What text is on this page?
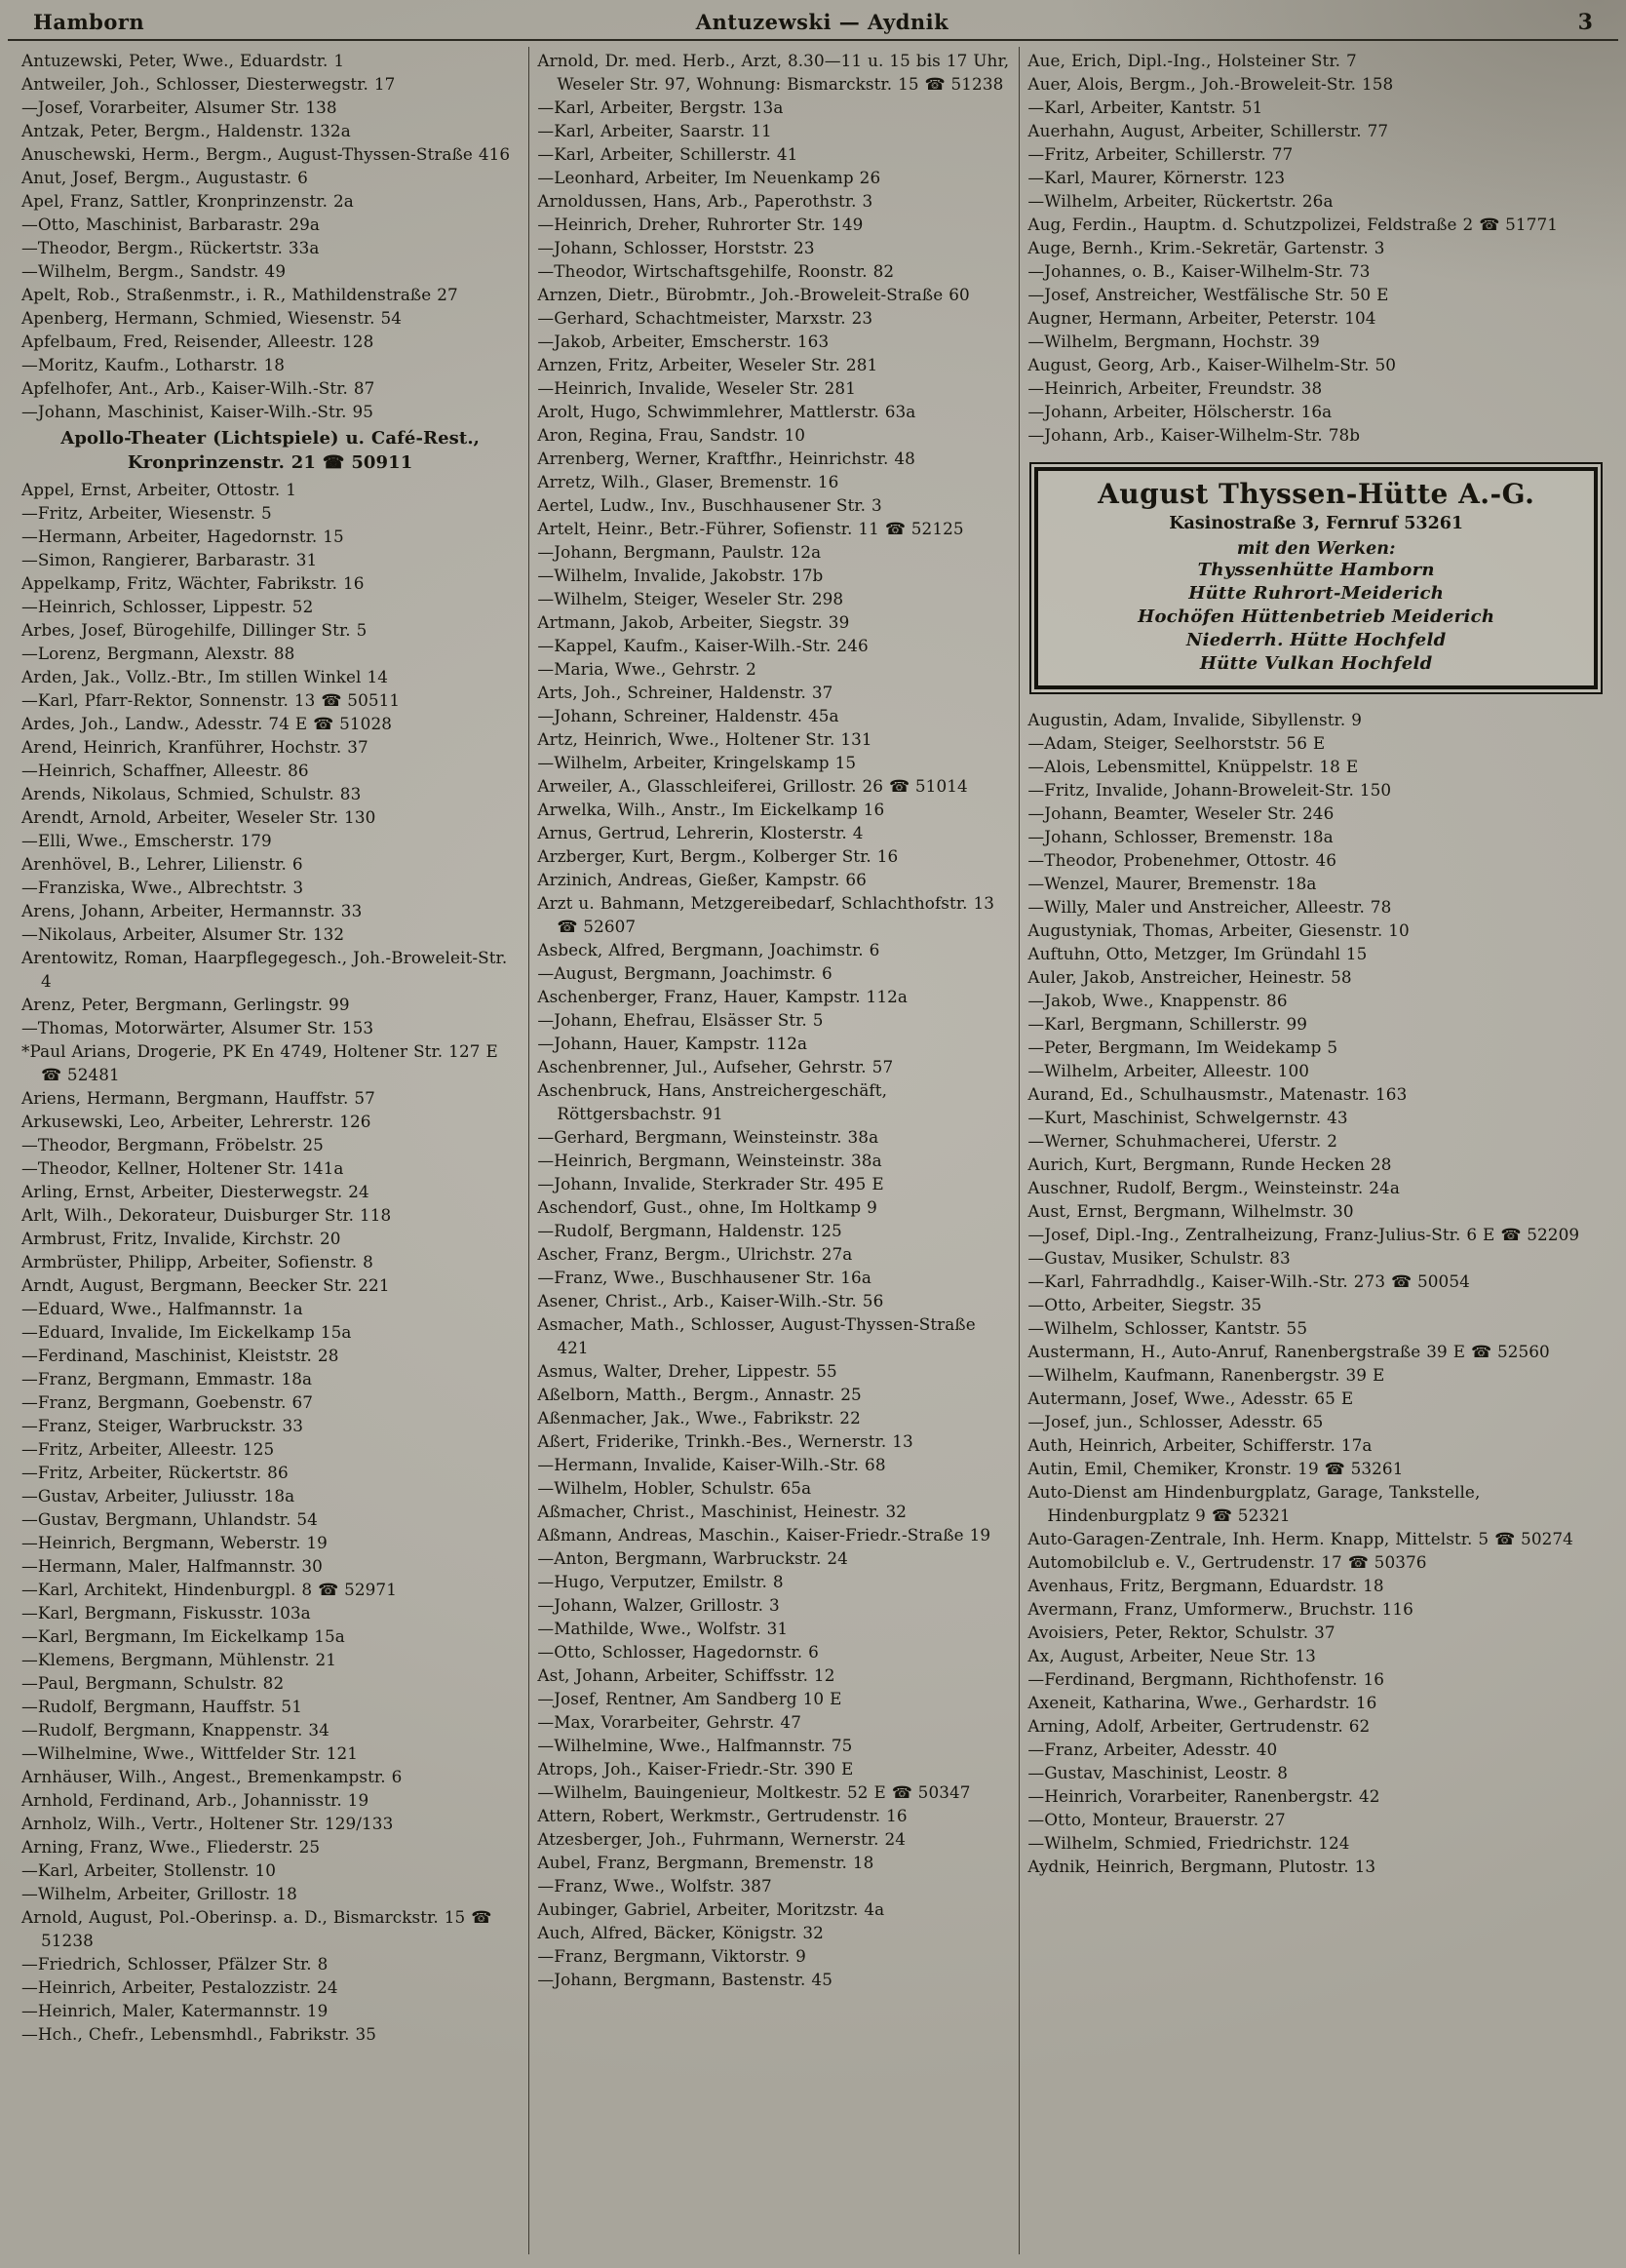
Hamborn	Antuzewski — Aydnik	3
Antuzewski, Peter, Wwe., Eduardstr. 1
Antweiler, Joh., Schlosser, Diesterwegstr. 17
—Josef, Vorarbeiter, Alsumer Str. 138
Antzak, Peter, Bergm., Haldenstr. 132a
Anuschewski, Herm., Bergm., August-Thyssen-Straße 416
Anut, Josef, Bergm., Augustastr. 6
Apel, Franz, Sattler, Kronprinzenstr. 2a
—Otto, Maschinist, Barbarastr. 29a
—Theodor, Bergm., Rückertstr. 33a
—Wilhelm, Bergm., Sandstr. 49
Apelt, Rob., Straßenmstr., i. R., Mathildenstraße 27
Apenberg, Hermann, Schmied, Wiesenstr. 54
Apfelbaum, Fred, Reisender, Alleestr. 128
—Moritz, Kaufm., Lotharstr. 18
Apfelhofer, Ant., Arb., Kaiser-Wilh.-Str. 87
—Johann, Maschinist, Kaiser-Wilh.-Str. 95
Apollo-Theater (Lichtspiele) u. Café-Rest., Kronprinzenstr. 21 ☎ 50911
Appel, Ernst, Arbeiter, Ottostr. 1
—Fritz, Arbeiter, Wiesenstr. 5
—Hermann, Arbeiter, Hagedornstr. 15
—Simon, Rangierer, Barbarastr. 31
Appelkamp, Fritz, Wächter, Fabrikstr. 16
—Heinrich, Schlosser, Lippestr. 52
Arbes, Josef, Bürogehilfe, Dillinger Str. 5
—Lorenz, Bergmann, Alexstr. 88
Arden, Jak., Vollz.-Btr., Im stillen Winkel 14
—Karl, Pfarr-Rektor, Sonnenstr. 13 ☎ 50511
Ardes, Joh., Landw., Adesstr. 74 E ☎ 51028
Arend, Heinrich, Kranführer, Hochstr. 37
—Heinrich, Schaffner, Alleestr. 86
Arends, Nikolaus, Schmied, Schulstr. 83
Arendt, Arnold, Arbeiter, Weseler Str. 130
—Elli, Wwe., Emscherstr. 179
Arenhövel, B., Lehrer, Lilienstr. 6
—Franziska, Wwe., Albrechtstr. 3
Arens, Johann, Arbeiter, Hermannstr. 33
—Nikolaus, Arbeiter, Alsumer Str. 132
Arentowitz, Roman, Haarpflegegesch., Joh.-Broweleit-Str. 4
Arenz, Peter, Bergmann, Gerlingstr. 99
—Thomas, Motorwärter, Alsumer Str. 153
*Paul Arians, Drogerie, PK En 4749, Holtener Str. 127 E ☎ 52481
Ariens, Hermann, Bergmann, Hauffstr. 57
Arkusewski, Leo, Arbeiter, Lehrerstr. 126
—Theodor, Bergmann, Fröbelstr. 25
—Theodor, Kellner, Holtener Str. 141a
Arling, Ernst, Arbeiter, Diesterwegstr. 24
Arlt, Wilh., Dekorateur, Duisburger Str. 118
Armbrust, Fritz, Invalide, Kirchstr. 20
Armbrüster, Philipp, Arbeiter, Sofienstr. 8
Arndt, August, Bergmann, Beecker Str. 221
—Eduard, Wwe., Halfmannstr. 1a
—Eduard, Invalide, Im Eickelkamp 15a
—Ferdinand, Maschinist, Kleiststr. 28
—Franz, Bergmann, Emmastr. 18a
—Franz, Bergmann, Goebenstr. 67
—Franz, Steiger, Warbruckstr. 33
—Fritz, Arbeiter, Alleestr. 125
—Fritz, Arbeiter, Rückertstr. 86
—Gustav, Arbeiter, Juliusstr. 18a
—Gustav, Bergmann, Uhlandstr. 54
—Heinrich, Bergmann, Weberstr. 19
—Hermann, Maler, Halfmannstr. 30
—Karl, Architekt, Hindenburgpl. 8 ☎ 52971
—Karl, Bergmann, Fiskusstr. 103a
—Karl, Bergmann, Im Eickelkamp 15a
—Klemens, Bergmann, Mühlenstr. 21
—Paul, Bergmann, Schulstr. 82
—Rudolf, Bergmann, Hauffstr. 51
—Rudolf, Bergmann, Knappenstr. 34
—Wilhelmine, Wwe., Wittfelder Str. 121
Arnhäuser, Wilh., Angest., Bremenkampstr. 6
Arnhold, Ferdinand, Arb., Johannisstr. 19
Arnholz, Wilh., Vertr., Holtener Str. 129/133
Arning, Franz, Wwe., Fliederstr. 25
—Karl, Arbeiter, Stollenstr. 10
—Wilhelm, Arbeiter, Grillostr. 18
Arnold, August, Pol.-Oberinsp. a. D., Bismarckstr. 15 ☎ 51238
—Friedrich, Schlosser, Pfälzer Str. 8
—Heinrich, Arbeiter, Pestalozzistr. 24
—Heinrich, Maler, Katermannstr. 19
—Hch., Chefr., Lebensmhdl., Fabrikstr. 35
Arnold, Dr. med. Herb., Arzt, 8.30—11 u. 15 bis 17 Uhr, Weseler Str. 97, Wohnung: Bismarckstr. 15 ☎ 51238
—Karl, Arbeiter, Bergstr. 13a
—Karl, Arbeiter, Saarstr. 11
—Karl, Arbeiter, Schillerstr. 41
—Leonhard, Arbeiter, Im Neuenkamp 26
Arnoldussen, Hans, Arb., Paperothstr. 3
—Heinrich, Dreher, Ruhrorter Str. 149
—Johann, Schlosser, Horststr. 23
—Theodor, Wirtschaftsgehilfe, Roonstr. 82
Arnzen, Dietr., Bürobmtr., Joh.-Broweleit-Straße 60
—Gerhard, Schachtmeister, Marxstr. 23
—Jakob, Arbeiter, Emscherstr. 163
Arnzen, Fritz, Arbeiter, Weseler Str. 281
—Heinrich, Invalide, Weseler Str. 281
Arolt, Hugo, Schwimmlehrer, Mattlerstr. 63a
Aron, Regina, Frau, Sandstr. 10
Arrenberg, Werner, Kraftfhr., Heinrichstr. 48
Arretz, Wilh., Glaser, Bremenstr. 16
Aertel, Ludw., Inv., Buschhausener Str. 3
Artelt, Heinr., Betr.-Führer, Sofienstr. 11 ☎ 52125
—Johann, Bergmann, Paulstr. 12a
—Wilhelm, Invalide, Jakobstr. 17b
—Wilhelm, Steiger, Weseler Str. 298
Artmann, Jakob, Arbeiter, Siegstr. 39
—Kappel, Kaufm., Kaiser-Wilh.-Str. 246
—Maria, Wwe., Gehrstr. 2
Arts, Joh., Schreiner, Haldenstr. 37
—Johann, Schreiner, Haldenstr. 45a
Artz, Heinrich, Wwe., Holtener Str. 131
—Wilhelm, Arbeiter, Kringelskamp 15
Arweiler, A., Glasschleiferei, Grillostr. 26 ☎ 51014
Arwelka, Wilh., Anstr., Im Eickelkamp 16
Arnus, Gertrud, Lehrerin, Klosterstr. 4
Arzberger, Kurt, Bergm., Kolberger Str. 16
Arzinich, Andreas, Gießer, Kampstr. 66
Arzt u. Bahmann, Metzgereibedarf, Schlachthofstr. 13 ☎ 52607
Asbeck, Alfred, Bergmann, Joachimstr. 6
—August, Bergmann, Joachimstr. 6
Aschenberger, Franz, Hauer, Kampstr. 112a
—Johann, Ehefrau, Elsässer Str. 5
—Johann, Hauer, Kampstr. 112a
Aschenbrenner, Jul., Aufseher, Gehrstr. 57
Aschenbruck, Hans, Anstreichergeschäft, Röttgersbachstr. 91
—Gerhard, Bergmann, Weinsteinstr. 38a
—Heinrich, Bergmann, Weinsteinstr. 38a
—Johann, Invalide, Sterkrader Str. 495 E
Aschendorf, Gust., ohne, Im Holtkamp 9
—Rudolf, Bergmann, Haldenstr. 125
Ascher, Franz, Bergm., Ulrichstr. 27a
—Franz, Wwe., Buschhausener Str. 16a
Asener, Christ., Arb., Kaiser-Wilh.-Str. 56
Asmacher, Math., Schlosser, August-Thyssen-Straße 421
Asmus, Walter, Dreher, Lippestr. 55
Aßelborn, Matth., Bergm., Annastr. 25
Aßenmacher, Jak., Wwe., Fabrikstr. 22
Aßert, Friderike, Trinkh.-Bes., Wernerstr. 13
—Hermann, Invalide, Kaiser-Wilh.-Str. 68
—Wilhelm, Hobler, Schulstr. 65a
Aßmacher, Christ., Maschinist, Heinestr. 32
Aßmann, Andreas, Maschin., Kaiser-Friedr.-Straße 19
—Anton, Bergmann, Warbruckstr. 24
—Hugo, Verputzer, Emilstr. 8
—Johann, Walzer, Grillostr. 3
—Mathilde, Wwe., Wolfstr. 31
—Otto, Schlosser, Hagedornstr. 6
Ast, Johann, Arbeiter, Schiffsstr. 12
—Josef, Rentner, Am Sandberg 10 E
—Max, Vorarbeiter, Gehrstr. 47
—Wilhelmine, Wwe., Halfmannstr. 75
Atrops, Joh., Kaiser-Friedr.-Str. 390 E
—Wilhelm, Bauingenieur, Moltkestr. 52 E ☎ 50347
Attern, Robert, Werkmstr., Gertrudenstr. 16
Atzesberger, Joh., Fuhrmann, Wernerstr. 24
Aubel, Franz, Bergmann, Bremenstr. 18
—Franz, Wwe., Wolfstr. 387
Aubinger, Gabriel, Arbeiter, Moritzstr. 4a
Auch, Alfred, Bäcker, Königstr. 32
—Franz, Bergmann, Viktorstr. 9
—Johann, Bergmann, Bastenstr. 45
Aue, Erich, Dipl.-Ing., Holsteiner Str. 7
Auer, Alois, Bergm., Joh.-Broweleit-Str. 158
—Karl, Arbeiter, Kantstr. 51
Auerhahn, August, Arbeiter, Schillerstr. 77
—Fritz, Arbeiter, Schillerstr. 77
—Karl, Maurer, Körnerstr. 123
—Wilhelm, Arbeiter, Rückertstr. 26a
Aug, Ferdin., Hauptm. d. Schutzpolizei, Feldstraße 2 ☎ 51771
Auge, Bernh., Krim.-Sekretär, Gartenstr. 3
—Johannes, o. B., Kaiser-Wilhelm-Str. 73
—Josef, Anstreicher, Westfälische Str. 50 E
Augner, Hermann, Arbeiter, Peterstr. 104
—Wilhelm, Bergmann, Hochstr. 39
August, Georg, Arb., Kaiser-Wilhelm-Str. 50
—Heinrich, Arbeiter, Freundstr. 38
—Johann, Arbeiter, Hölscherstr. 16a
—Johann, Arb., Kaiser-Wilhelm-Str. 78b
August Thyssen-Hütte A.-G.
Kasinostraße 3, Fernruf 53261
mit den Werken:
Thyssenhütte Hamborn
Hütte Ruhrort-Meiderich
Hochöfen Hüttenbetrieb Meiderich
Niederrh. Hütte Hochfeld
Hütte Vulkan Hochfeld
Augustin, Adam, Invalide, Sibyllenstr. 9
—Adam, Steiger, Seelhorststr. 56 E
—Alois, Lebensmittel, Knüppelstr. 18 E
—Fritz, Invalide, Johann-Broweleit-Str. 150
—Johann, Beamter, Weseler Str. 246
—Johann, Schlosser, Bremenstr. 18a
—Theodor, Probenehmer, Ottostr. 46
—Wenzel, Maurer, Bremenstr. 18a
—Willy, Maler und Anstreicher, Alleestr. 78
Augustyniak, Thomas, Arbeiter, Giesenstr. 10
Auftuhn, Otto, Metzger, Im Gründahl 15
Auler, Jakob, Anstreicher, Heinestr. 58
—Jakob, Wwe., Knappenstr. 86
—Karl, Bergmann, Schillerstr. 99
—Peter, Bergmann, Im Weidekamp 5
—Wilhelm, Arbeiter, Alleestr. 100
Aurand, Ed., Schulhausmstr., Matenastr. 163
—Kurt, Maschinist, Schwelgernstr. 43
—Werner, Schuhmacherei, Uferstr. 2
Aurich, Kurt, Bergmann, Runde Hecken 28
Auschner, Rudolf, Bergm., Weinsteinstr. 24a
Aust, Ernst, Bergmann, Wilhelmstr. 30
—Josef, Dipl.-Ing., Zentralheizung, Franz-Julius-Str. 6 E ☎ 52209
—Gustav, Musiker, Schulstr. 83
—Karl, Fahrradhdlg., Kaiser-Wilh.-Str. 273 ☎ 50054
—Otto, Arbeiter, Siegstr. 35
—Wilhelm, Schlosser, Kantstr. 55
Austermann, H., Auto-Anruf, Ranenbergstraße 39 E ☎ 52560
—Wilhelm, Kaufmann, Ranenbergstr. 39 E
Autermann, Josef, Wwe., Adesstr. 65 E
—Josef, jun., Schlosser, Adesstr. 65
Auth, Heinrich, Arbeiter, Schifferstr. 17a
Autin, Emil, Chemiker, Kronstr. 19 ☎ 53261
Auto-Dienst am Hindenburgplatz, Garage, Tankstelle, Hindenburgplatz 9 ☎ 52321
Auto-Garagen-Zentrale, Inh. Herm. Knapp, Mittelstr. 5 ☎ 50274
Automobilclub e. V., Gertrudenstr. 17 ☎ 50376
Avenhaus, Fritz, Bergmann, Eduardstr. 18
Avermann, Franz, Umformerw., Bruchstr. 116
Avoisiers, Peter, Rektor, Schulstr. 37
Ax, August, Arbeiter, Neue Str. 13
—Ferdinand, Bergmann, Richthofenstr. 16
Axeneit, Katharina, Wwe., Gerhardstr. 16
Arning, Adolf, Arbeiter, Gertrudenstr. 62
—Franz, Arbeiter, Adesstr. 40
—Gustav, Maschinist, Leostr. 8
—Heinrich, Vorarbeiter, Ranenbergstr. 42
—Otto, Monteur, Brauerstr. 27
—Wilhelm, Schmied, Friedrichstr. 124
Aydnik, Heinrich, Bergmann, Plutostr. 13
